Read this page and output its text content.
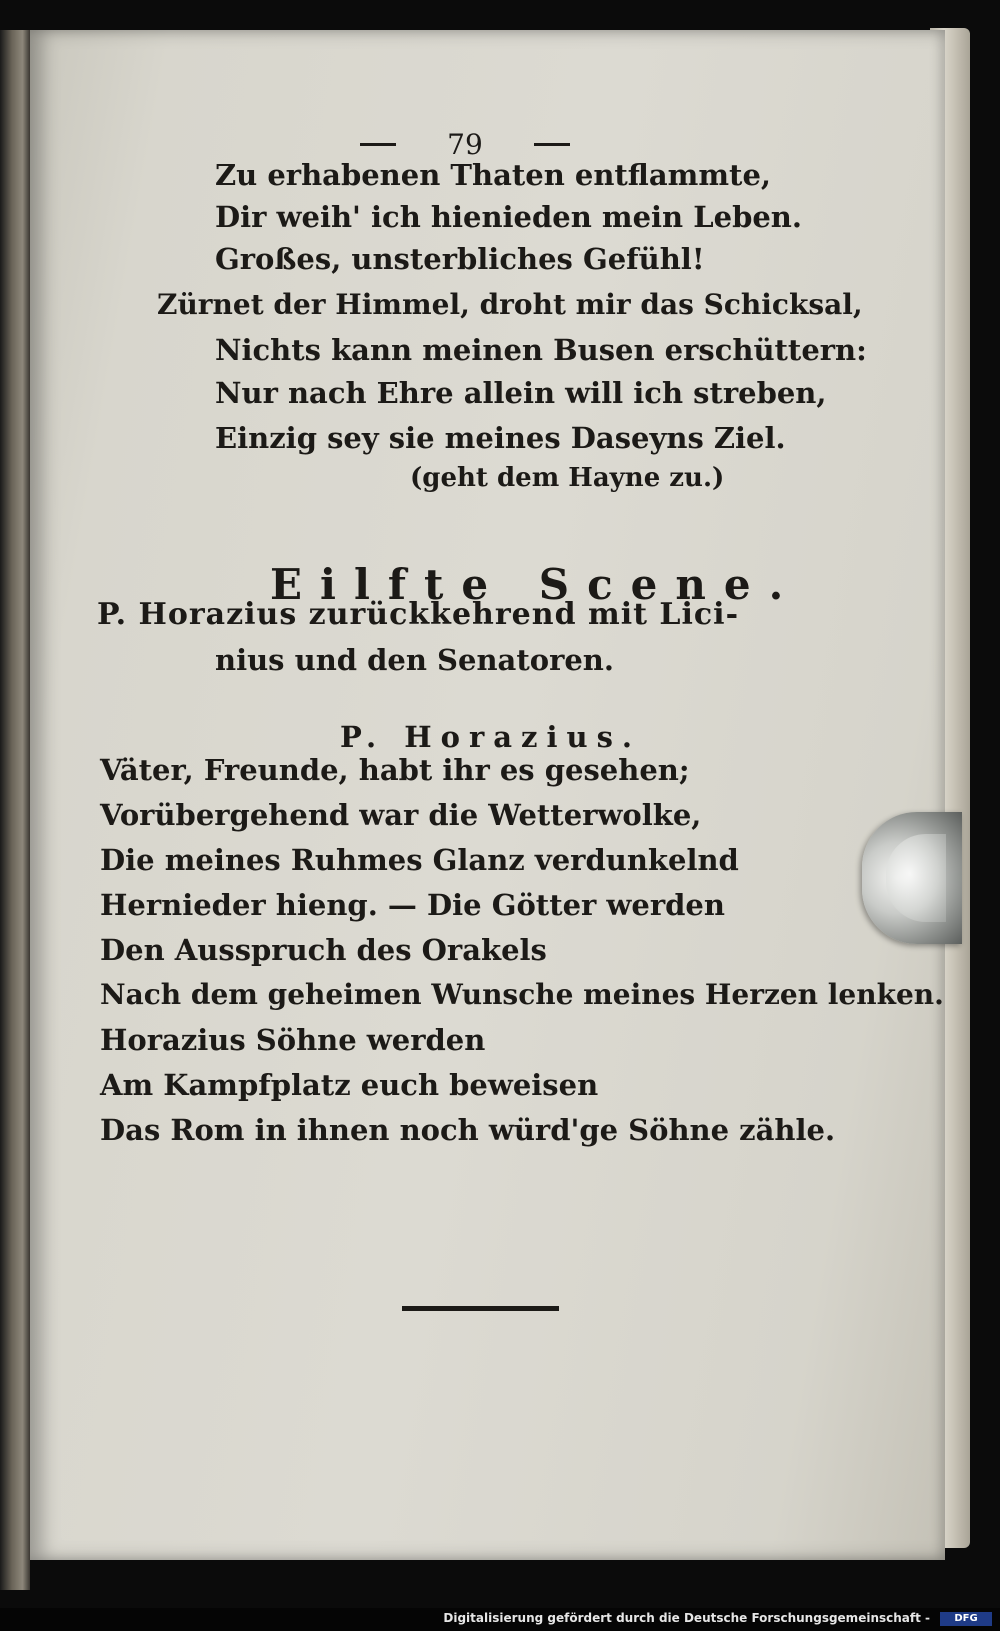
79
Zu erhabenen Thaten entflammte,
Dir weih' ich hienieden mein Leben.
Großes, unsterbliches Gefühl!
Zürnet der Himmel, droht mir das Schicksal,
Nichts kann meinen Busen erschüttern:
Nur nach Ehre allein will ich streben,
Einzig sey sie meines Daseyns Ziel.
(geht dem Hayne zu.)
Eilfte Scene.
P. Horazius zurückkehrend mit Lici-
nius und den Senatoren.
P. Horazius.
Väter, Freunde, habt ihr es gesehen;
Vorübergehend war die Wetterwolke,
Die meines Ruhmes Glanz verdunkelnd
Hernieder hieng. — Die Götter werden
Den Ausspruch des Orakels
Nach dem geheimen Wunsche meines Herzen lenken.
Horazius Söhne werden
Am Kampfplatz euch beweisen
Das Rom in ihnen noch würd'ge Söhne zähle.
Digitalisierung gefördert durch die Deutsche Forschungsgemeinschaft -	DFG
